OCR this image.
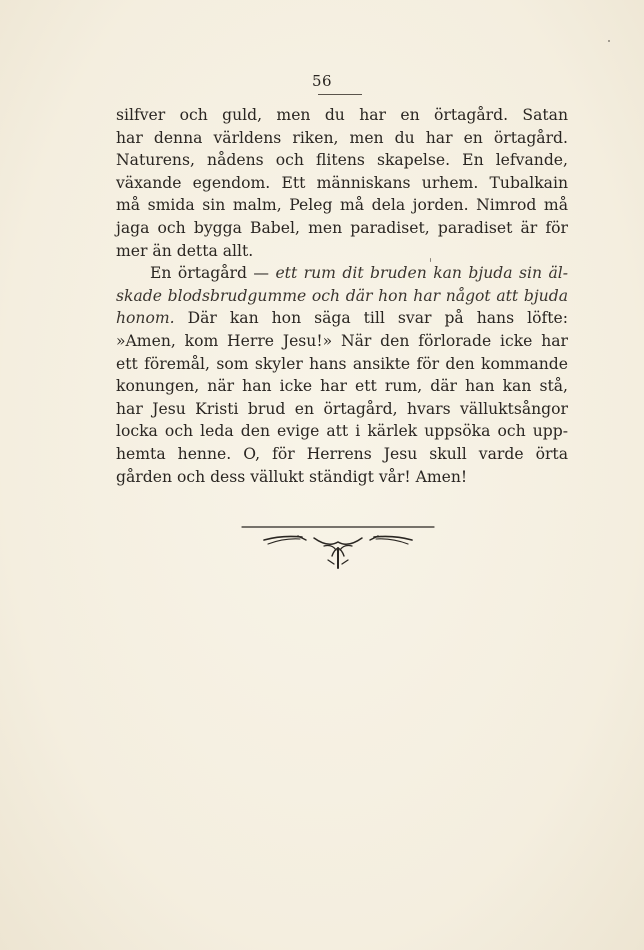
56
silfver och guld, men du har en örtagård. Satan
har denna världens riken, men du har en örtagård.
Naturens, nådens och flitens skapelse. En lefvande,
växande egendom. Ett människans urhem. Tubalkain
må smida sin malm, Peleg må dela jorden. Nimrod må
jaga och bygga Babel, men paradiset, paradiset är för
mer än detta allt.
En örtagård — ett rum dit bruden kan bjuda sin äl-
skade blodsbrudgumme och där hon har något att bjuda
honom. Där kan hon säga till svar på hans löfte:
»Amen, kom Herre Jesu!» När den förlorade icke har
ett föremål, som skyler hans ansikte för den kommande
konungen, när han icke har ett rum, där han kan stå,
har Jesu Kristi brud en örtagård, hvars välluktsångor
locka och leda den evige att i kärlek uppsöka och upp-
hemta henne. O, för Herrens Jesu skull varde örta
gården och dess vällukt ständigt vår! Amen!
